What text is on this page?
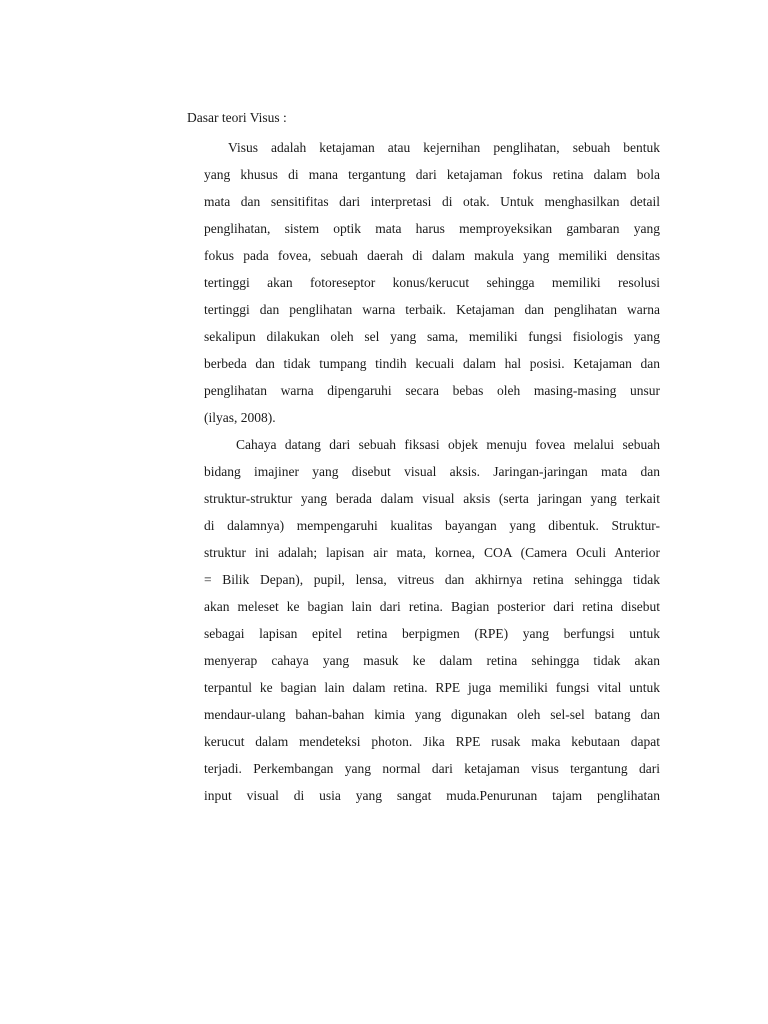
Dasar teori Visus :
Visus adalah ketajaman atau kejernihan penglihatan, sebuah bentuk
yang khusus di mana tergantung dari ketajaman fokus retina dalam bola
mata dan sensitifitas dari interpretasi di otak. Untuk menghasilkan detail
penglihatan, sistem optik mata harus memproyeksikan gambaran yang
fokus pada fovea, sebuah daerah di dalam makula yang memiliki densitas
tertinggi akan fotoreseptor konus/kerucut sehingga memiliki resolusi
tertinggi dan penglihatan warna terbaik. Ketajaman dan penglihatan warna
sekalipun dilakukan oleh sel yang sama, memiliki fungsi fisiologis yang
berbeda dan tidak tumpang tindih kecuali dalam hal posisi. Ketajaman dan
penglihatan warna dipengaruhi secara bebas oleh masing-masing unsur
(ilyas, 2008).
Cahaya datang dari sebuah fiksasi objek menuju fovea melalui sebuah
bidang imajiner yang disebut visual aksis. Jaringan-jaringan mata dan
struktur-struktur yang berada dalam visual aksis (serta jaringan yang terkait
di dalamnya) mempengaruhi kualitas bayangan yang dibentuk. Struktur-
struktur ini adalah; lapisan air mata, kornea, COA (Camera Oculi Anterior
= Bilik Depan), pupil, lensa, vitreus dan akhirnya retina sehingga tidak
akan meleset ke bagian lain dari retina. Bagian posterior dari retina disebut
sebagai lapisan epitel retina berpigmen (RPE) yang berfungsi untuk
menyerap cahaya yang masuk ke dalam retina sehingga tidak akan
terpantul ke bagian lain dalam retina. RPE juga memiliki fungsi vital untuk
mendaur-ulang bahan-bahan kimia yang digunakan oleh sel-sel batang dan
kerucut dalam mendeteksi photon. Jika RPE rusak maka kebutaan dapat
terjadi. Perkembangan yang normal dari ketajaman visus tergantung dari
input visual di usia yang sangat muda.Penurunan tajam penglihatan
